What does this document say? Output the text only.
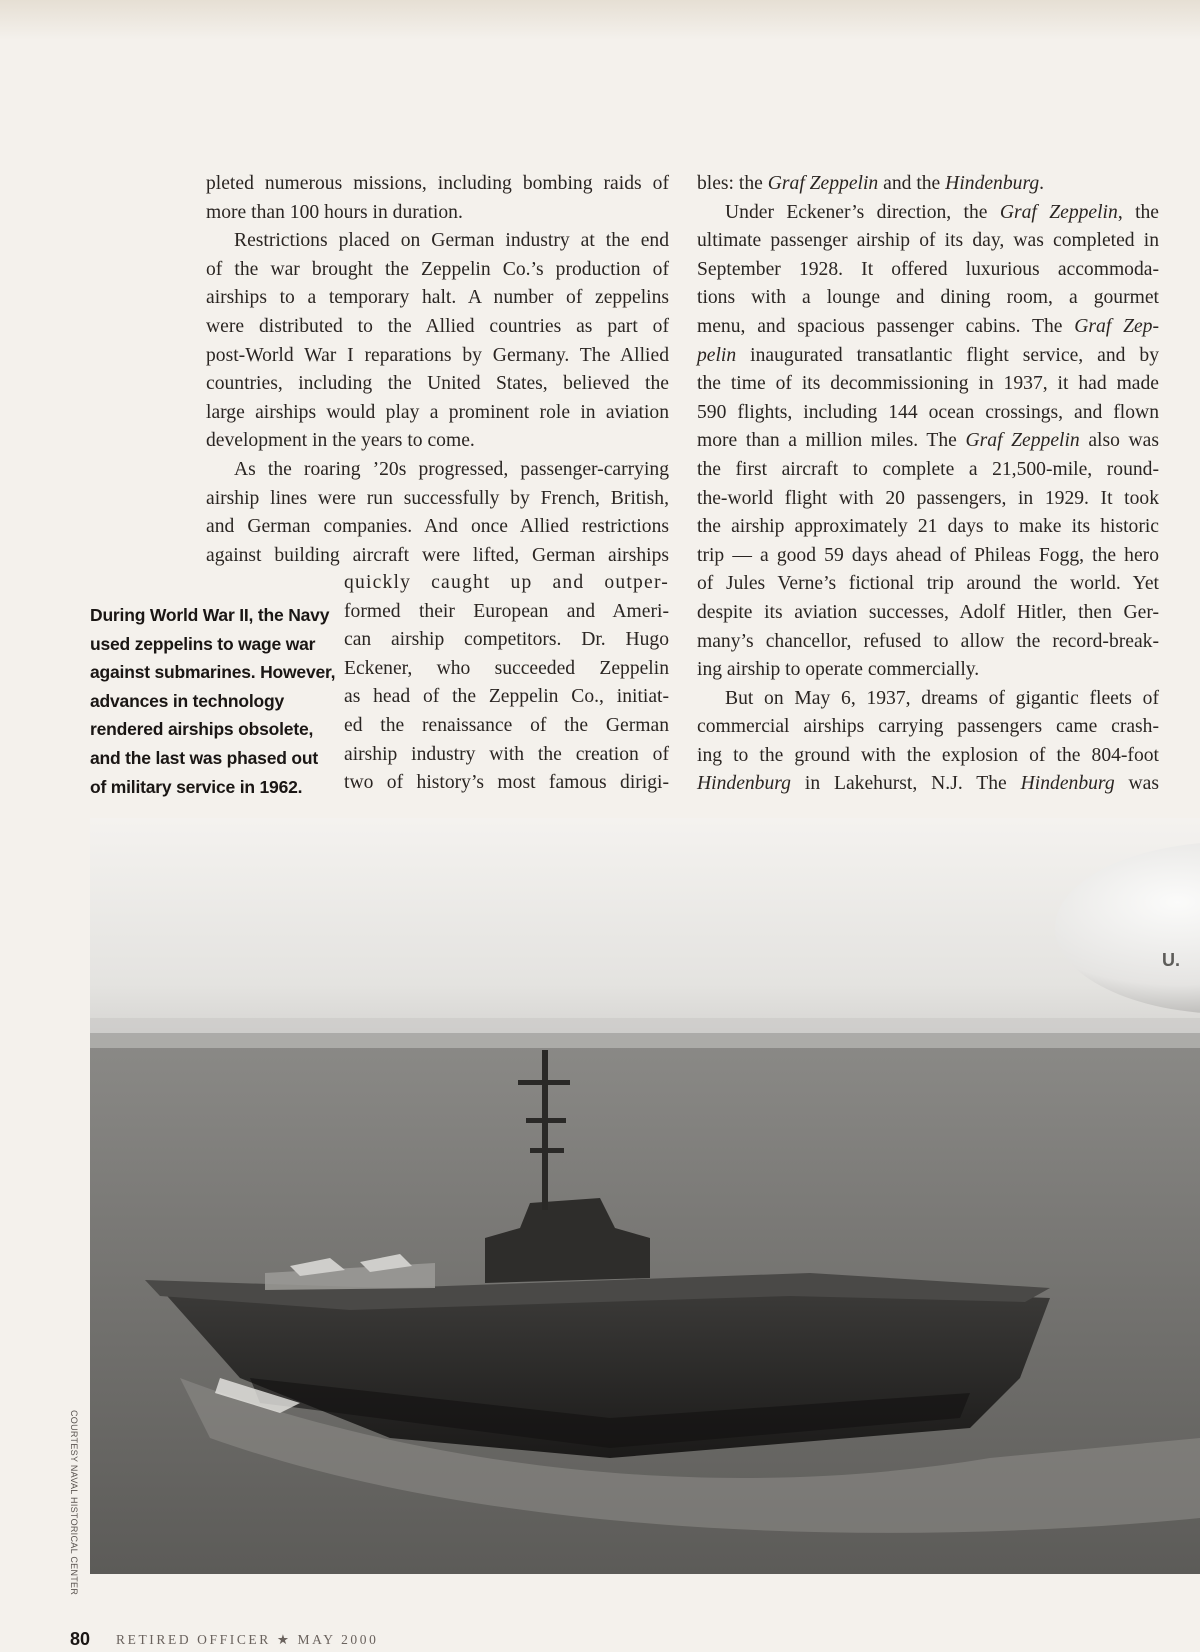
pleted numerous missions, including bombing raids of
more than 100 hours in duration.

Restrictions placed on German industry at the end
of the war brought the Zeppelin Co.’s production of
airships to a temporary halt. A number of zeppelins
were distributed to the Allied countries as part of
post-World War I reparations by Germany. The Allied
countries, including the United States, believed the
large airships would play a prominent role in aviation
development in the years to come.

As the roaring ’20s progressed, passenger-carrying
airship lines were run successfully by French, British,
and German companies. And once Allied restrictions
against building aircraft were lifted, German airships

quickly caught up and outper-
formed their European and Ameri-
can airship competitors. Dr. Hugo
Eckener, who succeeded Zeppelin
as head of the Zeppelin Co., initiat-
ed the renaissance of the German
airship industry with the creation of
two of history’s most famous dirigi-
During World War II, the Navy
used zeppelins to wage war
against submarines. However,
advances in technology
rendered airships obsolete,
and the last was phased out
of military service in 1962.

bles: the Graf Zeppelin and the Hindenburg.

Under Eckener’s direction, the Graf Zeppelin, the
ultimate passenger airship of its day, was completed in
September 1928. It offered luxurious accommoda-
tions with a lounge and dining room, a gourmet
menu, and spacious passenger cabins. The Graf Zep-
pelin inaugurated transatlantic flight service, and by
the time of its decommissioning in 1937, it had made
590 flights, including 144 ocean crossings, and flown
more than a million miles. The Graf Zeppelin also was
the first aircraft to complete a 21,500-mile, round-
the-world flight with 20 passengers, in 1929. It took
the airship approximately 21 days to make its historic
trip — a good 59 days ahead of Phileas Fogg, the hero
of Jules Verne’s fictional trip around the world. Yet
despite its aviation successes, Adolf Hitler, then Ger-
many’s chancellor, refused to allow the record-break-
ing airship to operate commercially.

But on May 6, 1937, dreams of gigantic fleets of
commercial airships carrying passengers came crash-
ing to the ground with the explosion of the 804-foot
Hindenburg in Lakehurst, N.J. The Hindenburg was

U.
COURTESY NAVAL HISTORICAL CENTER
80 RETIRED OFFICER ★ MAY 2000
